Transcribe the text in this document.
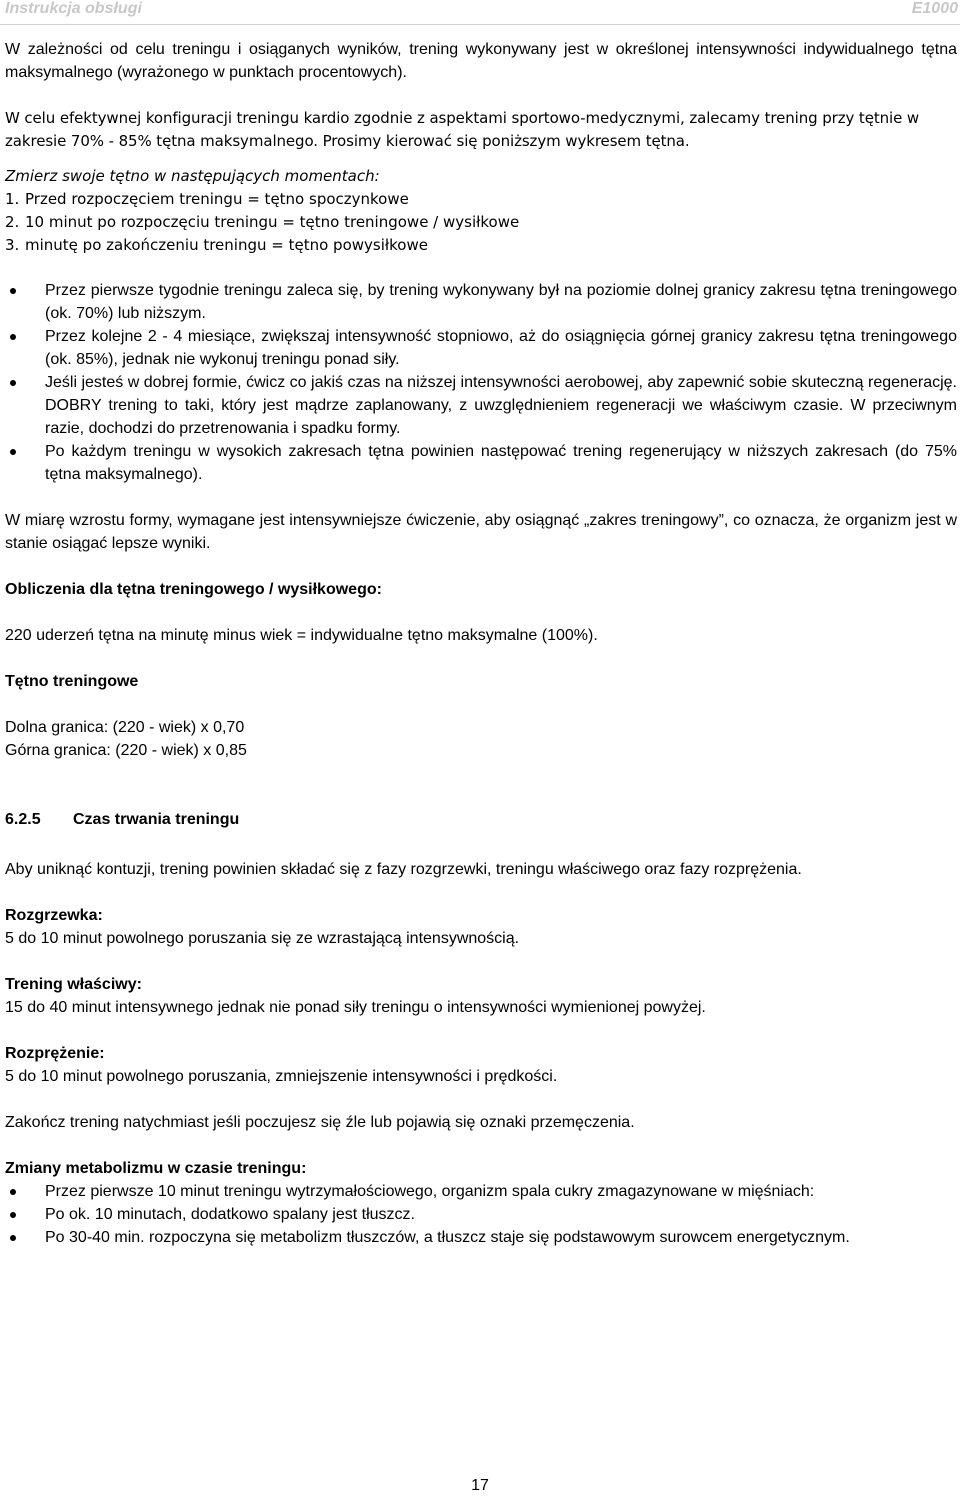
Instrukcja obsługi	E1000

W zależności od celu treningu i osiąganych wyników, trening wykonywany jest w określonej intensywności indywidualnego tętna maksymalnego (wyrażonego w punktach procentowych).

W celu efektywnej konfiguracji treningu kardio zgodnie z aspektami sportowo-medycznymi, zalecamy trening przy tętnie w zakresie 70% - 85% tętna maksymalnego. Prosimy kierować się poniższym wykresem tętna.

Zmierz swoje tętno w następujących momentach:

1. Przed rozpoczęciem treningu = tętno spoczynkowe
2. 10 minut po rozpoczęciu treningu = tętno treningowe / wysiłkowe
3. minutę po zakończeniu treningu = tętno powysiłkowe
Przez pierwsze tygodnie treningu zaleca się, by trening wykonywany był na poziomie dolnej granicy zakresu tętna treningowego (ok. 70%) lub niższym.
Przez kolejne 2 - 4 miesiące, zwiększaj intensywność stopniowo, aż do osiągnięcia górnej granicy zakresu tętna treningowego (ok. 85%), jednak nie wykonuj treningu ponad siły.
Jeśli jesteś w dobrej formie, ćwicz co jakiś czas na niższej intensywności aerobowej, aby zapewnić sobie skuteczną regenerację. DOBRY trening to taki, który jest mądrze zaplanowany, z uwzględnieniem regeneracji we właściwym czasie. W przeciwnym razie, dochodzi do przetrenowania i spadku formy.
Po każdym treningu w wysokich zakresach tętna powinien następować trening regenerujący w niższych zakresach (do 75% tętna maksymalnego).

W miarę wzrostu formy, wymagane jest intensywniejsze ćwiczenie, aby osiągnąć „zakres treningowy”, co oznacza, że organizm jest w stanie osiągać lepsze wyniki.

Obliczenia dla tętna treningowego / wysiłkowego:

220 uderzeń tętna na minutę minus wiek = indywidualne tętno maksymalne (100%).

Tętno treningowe

Dolna granica: (220 - wiek) x 0,70

Górna granica: (220 - wiek) x 0,85

6.2.5	Czas trwania treningu

Aby uniknąć kontuzji, trening powinien składać się z fazy rozgrzewki, treningu właściwego oraz fazy rozprężenia.

Rozgrzewka:

5 do 10 minut powolnego poruszania się ze wzrastającą intensywnością.

Trening właściwy:

15 do 40 minut intensywnego jednak nie ponad siły treningu o intensywności wymienionej powyżej.

Rozprężenie:

5 do 10 minut powolnego poruszania, zmniejszenie intensywności i prędkości.

Zakończ trening natychmiast jeśli poczujesz się źle lub pojawią się oznaki przemęczenia.

Zmiany metabolizmu w czasie treningu:

Przez pierwsze 10 minut treningu wytrzymałościowego, organizm spala cukry zmagazynowane w mięśniach:
Po ok. 10 minutach, dodatkowo spalany jest tłuszcz.
Po 30-40 min. rozpoczyna się metabolizm tłuszczów, a tłuszcz staje się podstawowym surowcem energetycznym.
17
